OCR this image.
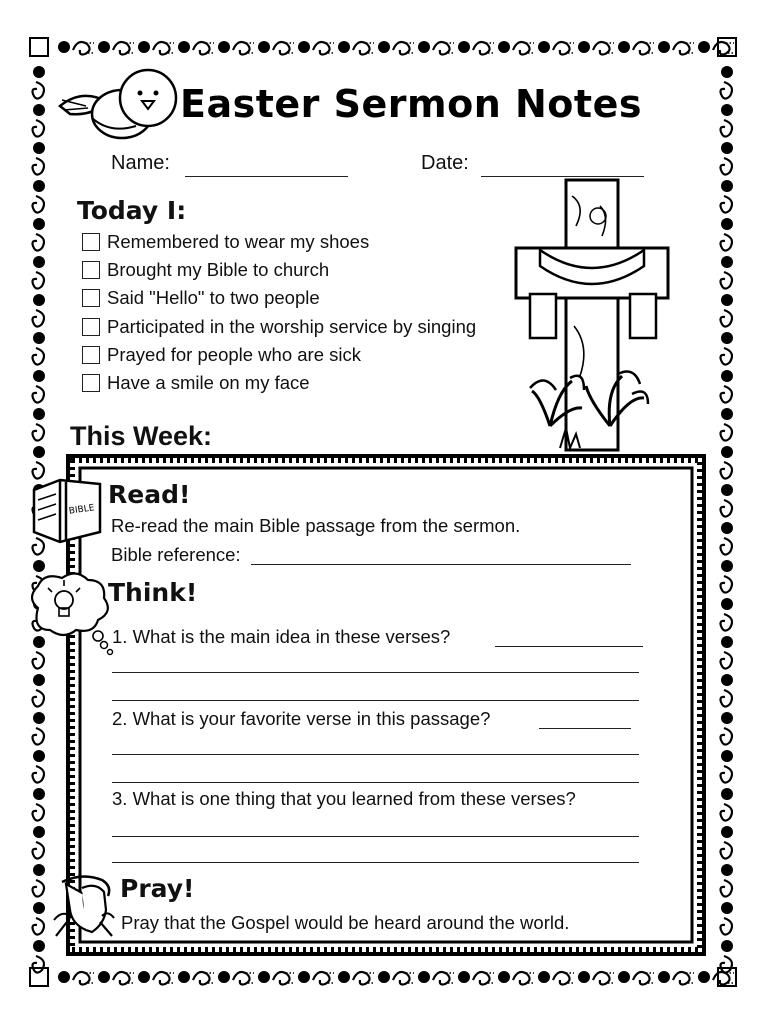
Easter Sermon Notes
Name:	Date:
Today I:
Remembered to wear my shoes
Brought my Bible to church
Said "Hello" to two people
Participated in the worship service by singing
Prayed for people who are sick
Have a smile on my face
This Week:
BIBLE
Read!
Re-read the main Bible passage from the sermon.
Bible reference:
Think!
1. What is the main idea in these verses?
2. What is your favorite verse in this passage?
3. What is one thing that you learned from these verses?
Pray!
Pray that the Gospel would be heard around the world.
